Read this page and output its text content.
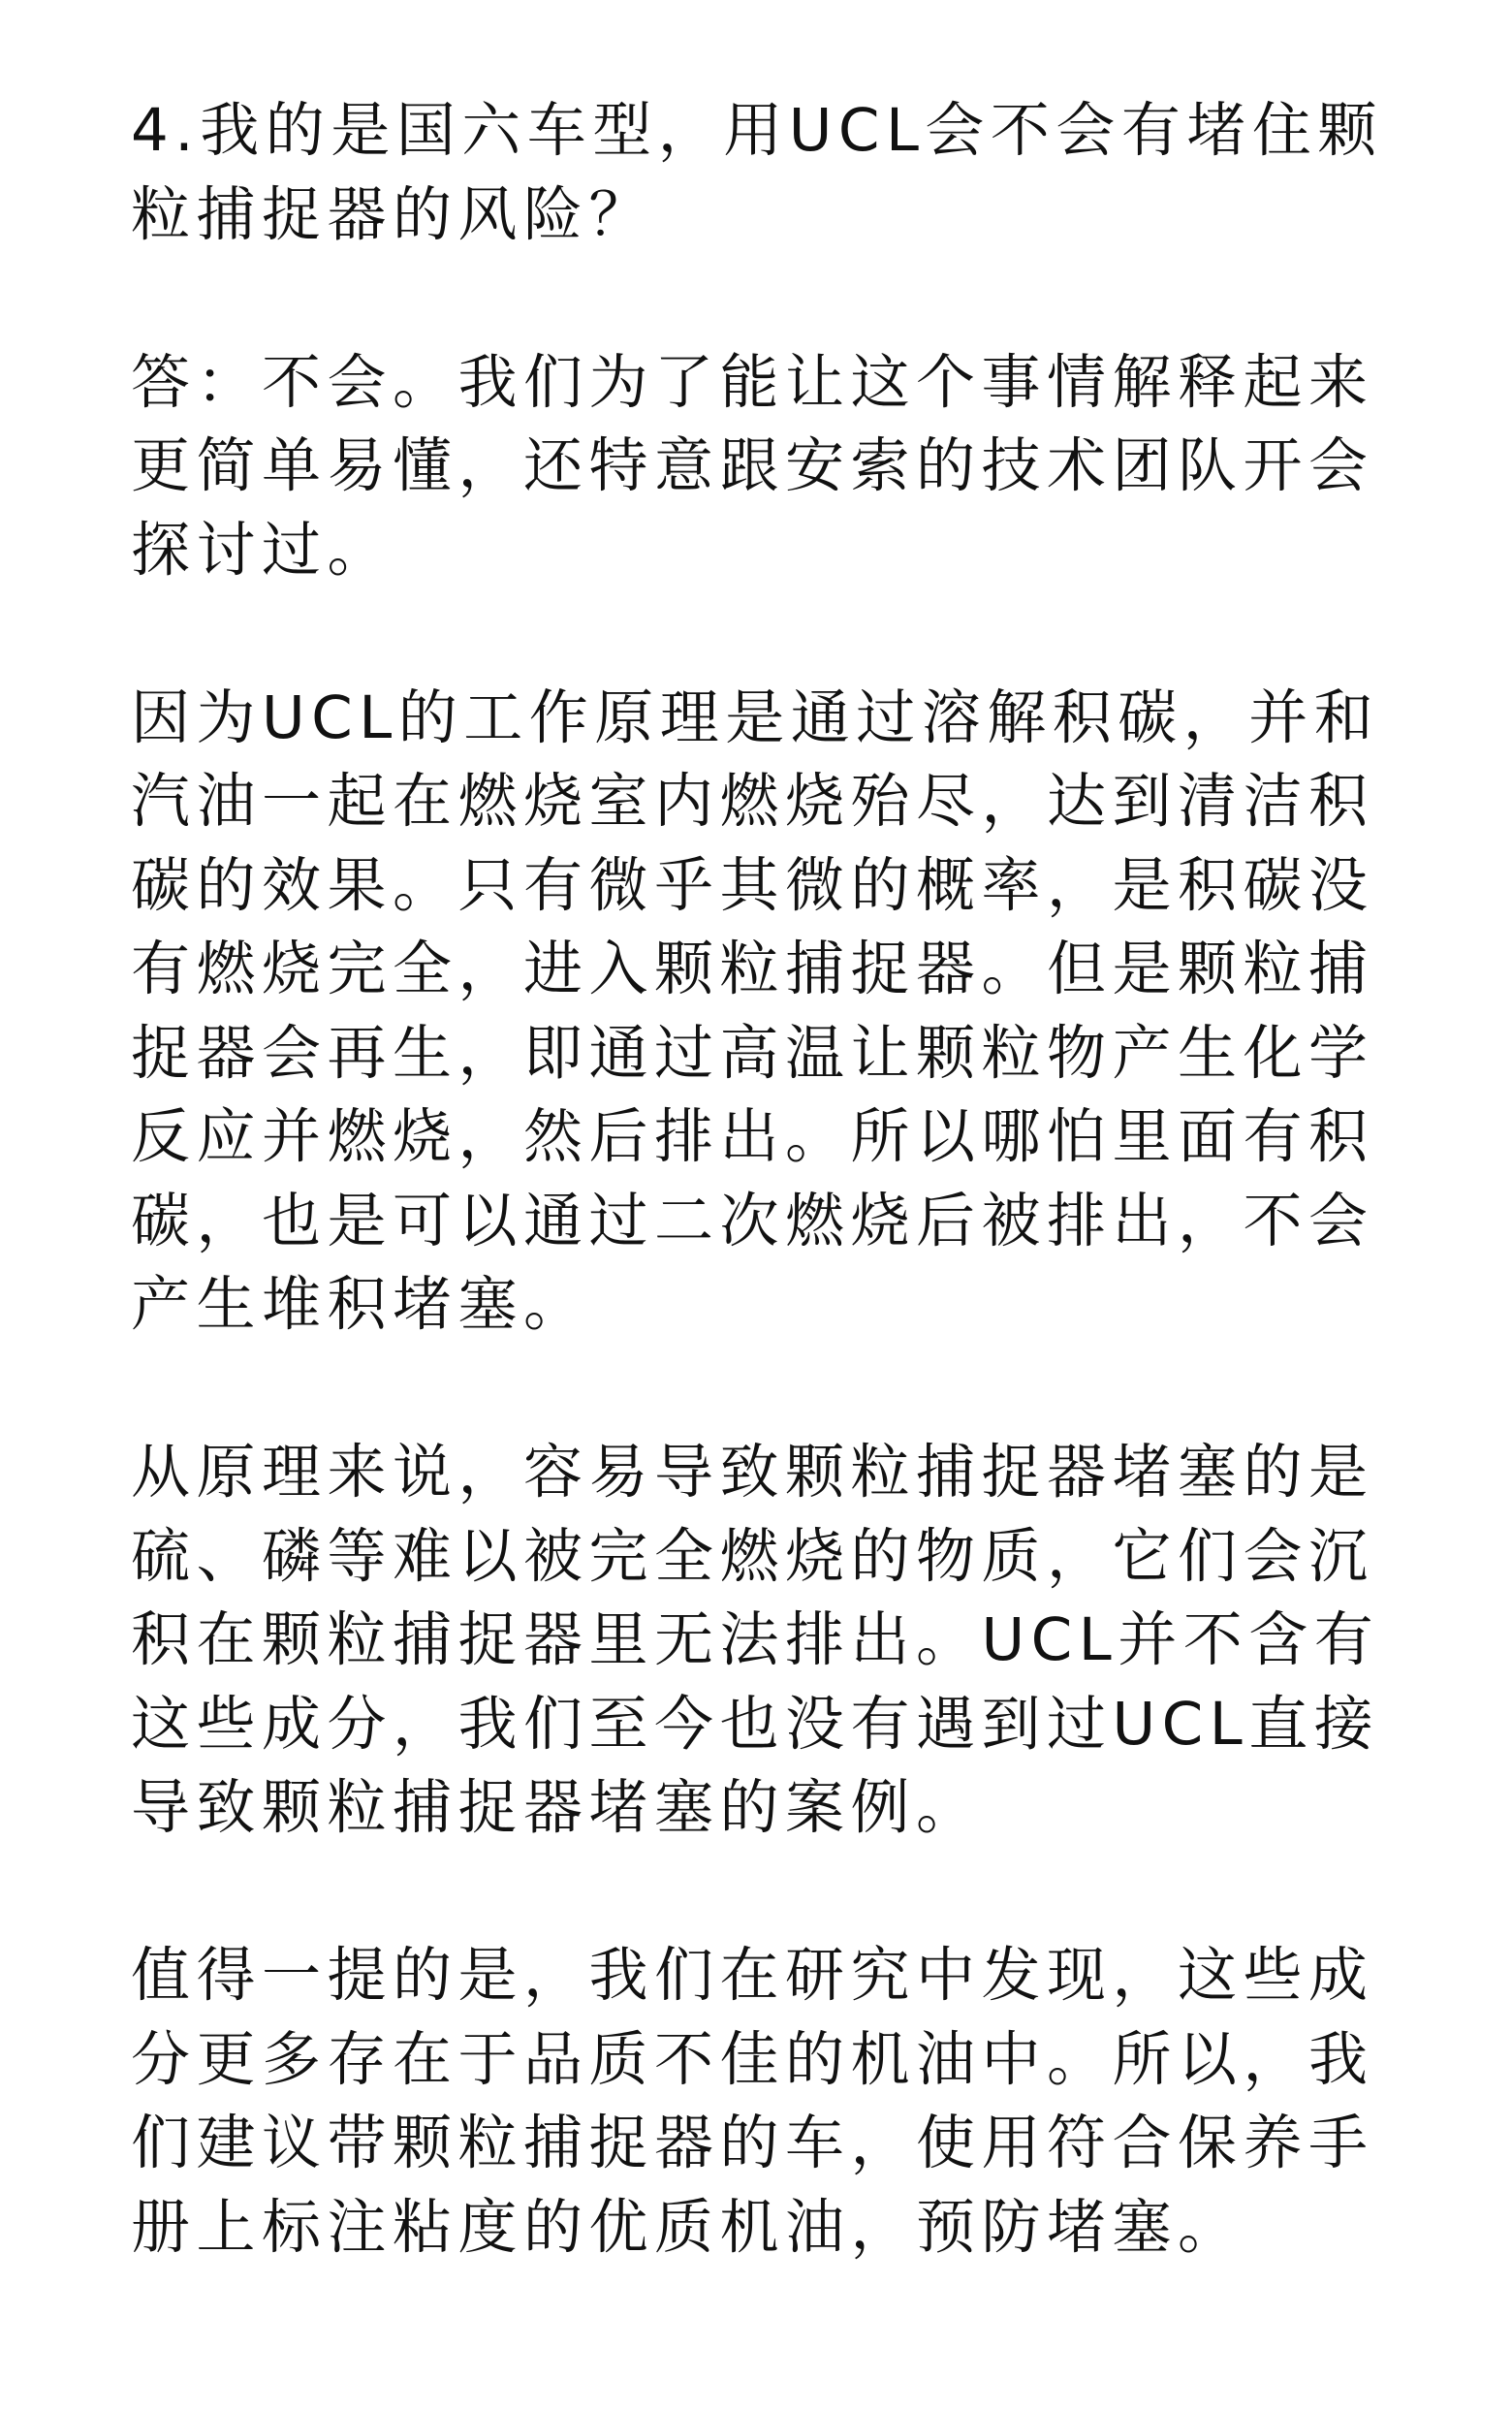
4.我的是国六车型，用UCL会不会有堵住颗
粒捕捉器的风险？

答：不会。我们为了能让这个事情解释起来
更简单易懂，还特意跟安索的技术团队开会
探讨过。

因为UCL的工作原理是通过溶解积碳，并和
汽油一起在燃烧室内燃烧殆尽，达到清洁积
碳的效果。只有微乎其微的概率，是积碳没
有燃烧完全，进入颗粒捕捉器。但是颗粒捕
捉器会再生，即通过高温让颗粒物产生化学
反应并燃烧，然后排出。所以哪怕里面有积
碳，也是可以通过二次燃烧后被排出，不会
产生堆积堵塞。

从原理来说，容易导致颗粒捕捉器堵塞的是
硫、磷等难以被完全燃烧的物质，它们会沉
积在颗粒捕捉器里无法排出。UCL并不含有
这些成分，我们至今也没有遇到过UCL直接
导致颗粒捕捉器堵塞的案例。

值得一提的是，我们在研究中发现，这些成
分更多存在于品质不佳的机油中。所以，我
们建议带颗粒捕捉器的车，使用符合保养手
册上标注粘度的优质机油，预防堵塞。
